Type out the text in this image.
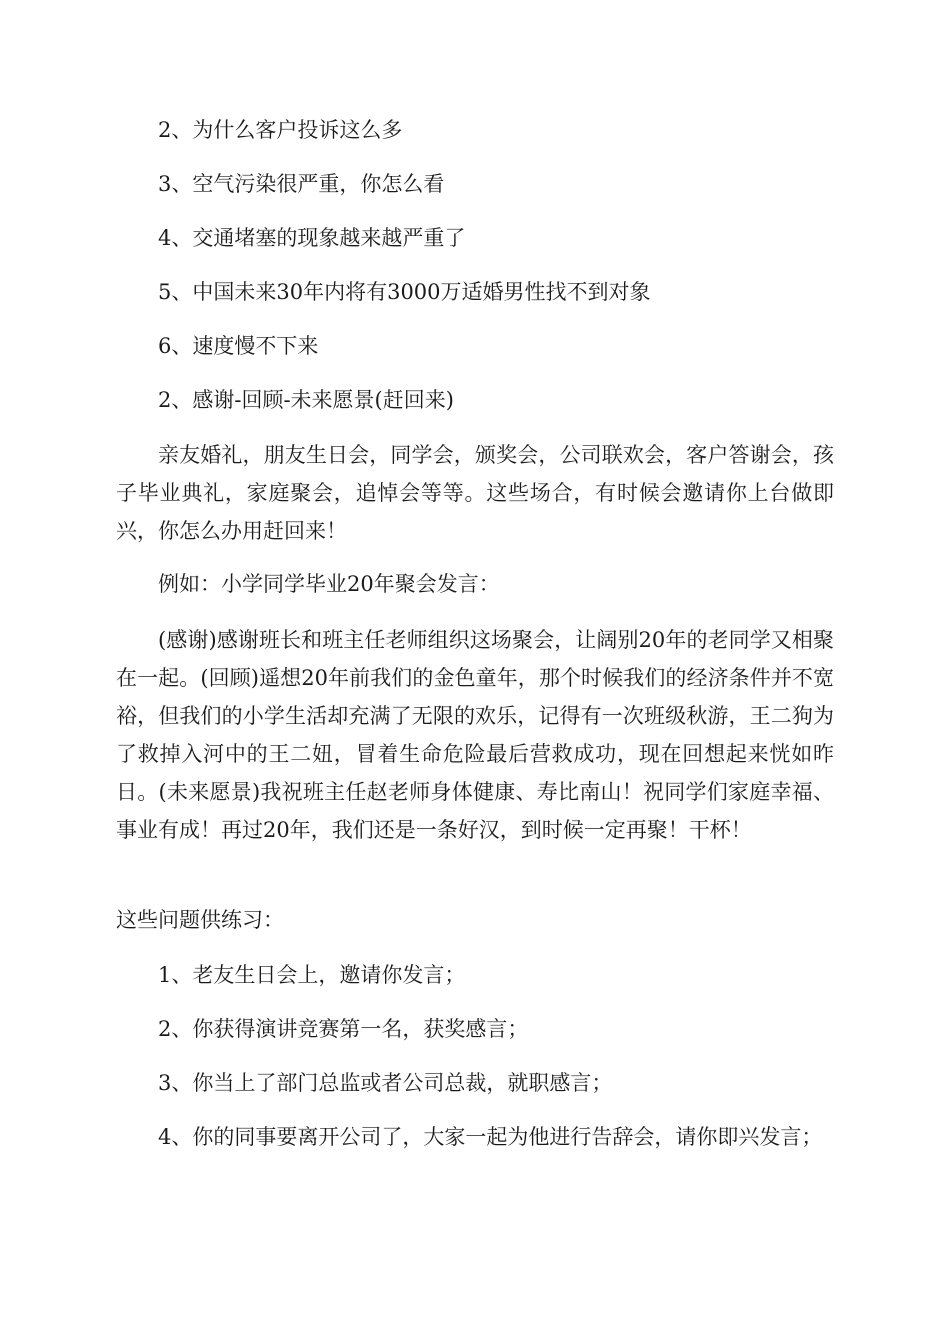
2、为什么客户投诉这么多
3、空气污染很严重，你怎么看
4、交通堵塞的现象越来越严重了
5、中国未来30年内将有3000万适婚男性找不到对象
6、速度慢不下来
2、感谢-回顾-未来愿景(赶回来)
亲友婚礼，朋友生日会，同学会，颁奖会，公司联欢会，客户答谢会，孩子毕业典礼，家庭聚会，追悼会等等。这些场合，有时候会邀请你上台做即兴，你怎么办用赶回来！
例如：小学同学毕业20年聚会发言：
(感谢)感谢班长和班主任老师组织这场聚会，让阔别20年的老同学又相聚在一起。(回顾)遥想20年前我们的金色童年，那个时候我们的经济条件并不宽裕，但我们的小学生活却充满了无限的欢乐，记得有一次班级秋游，王二狗为了救掉入河中的王二妞，冒着生命危险最后营救成功，现在回想起来恍如昨日。(未来愿景)我祝班主任赵老师身体健康、寿比南山！祝同学们家庭幸福、事业有成！再过20年，我们还是一条好汉，到时候一定再聚！干杯！
这些问题供练习：
1、老友生日会上，邀请你发言；
2、你获得演讲竞赛第一名，获奖感言；
3、你当上了部门总监或者公司总裁，就职感言；
4、你的同事要离开公司了，大家一起为他进行告辞会，请你即兴发言；
